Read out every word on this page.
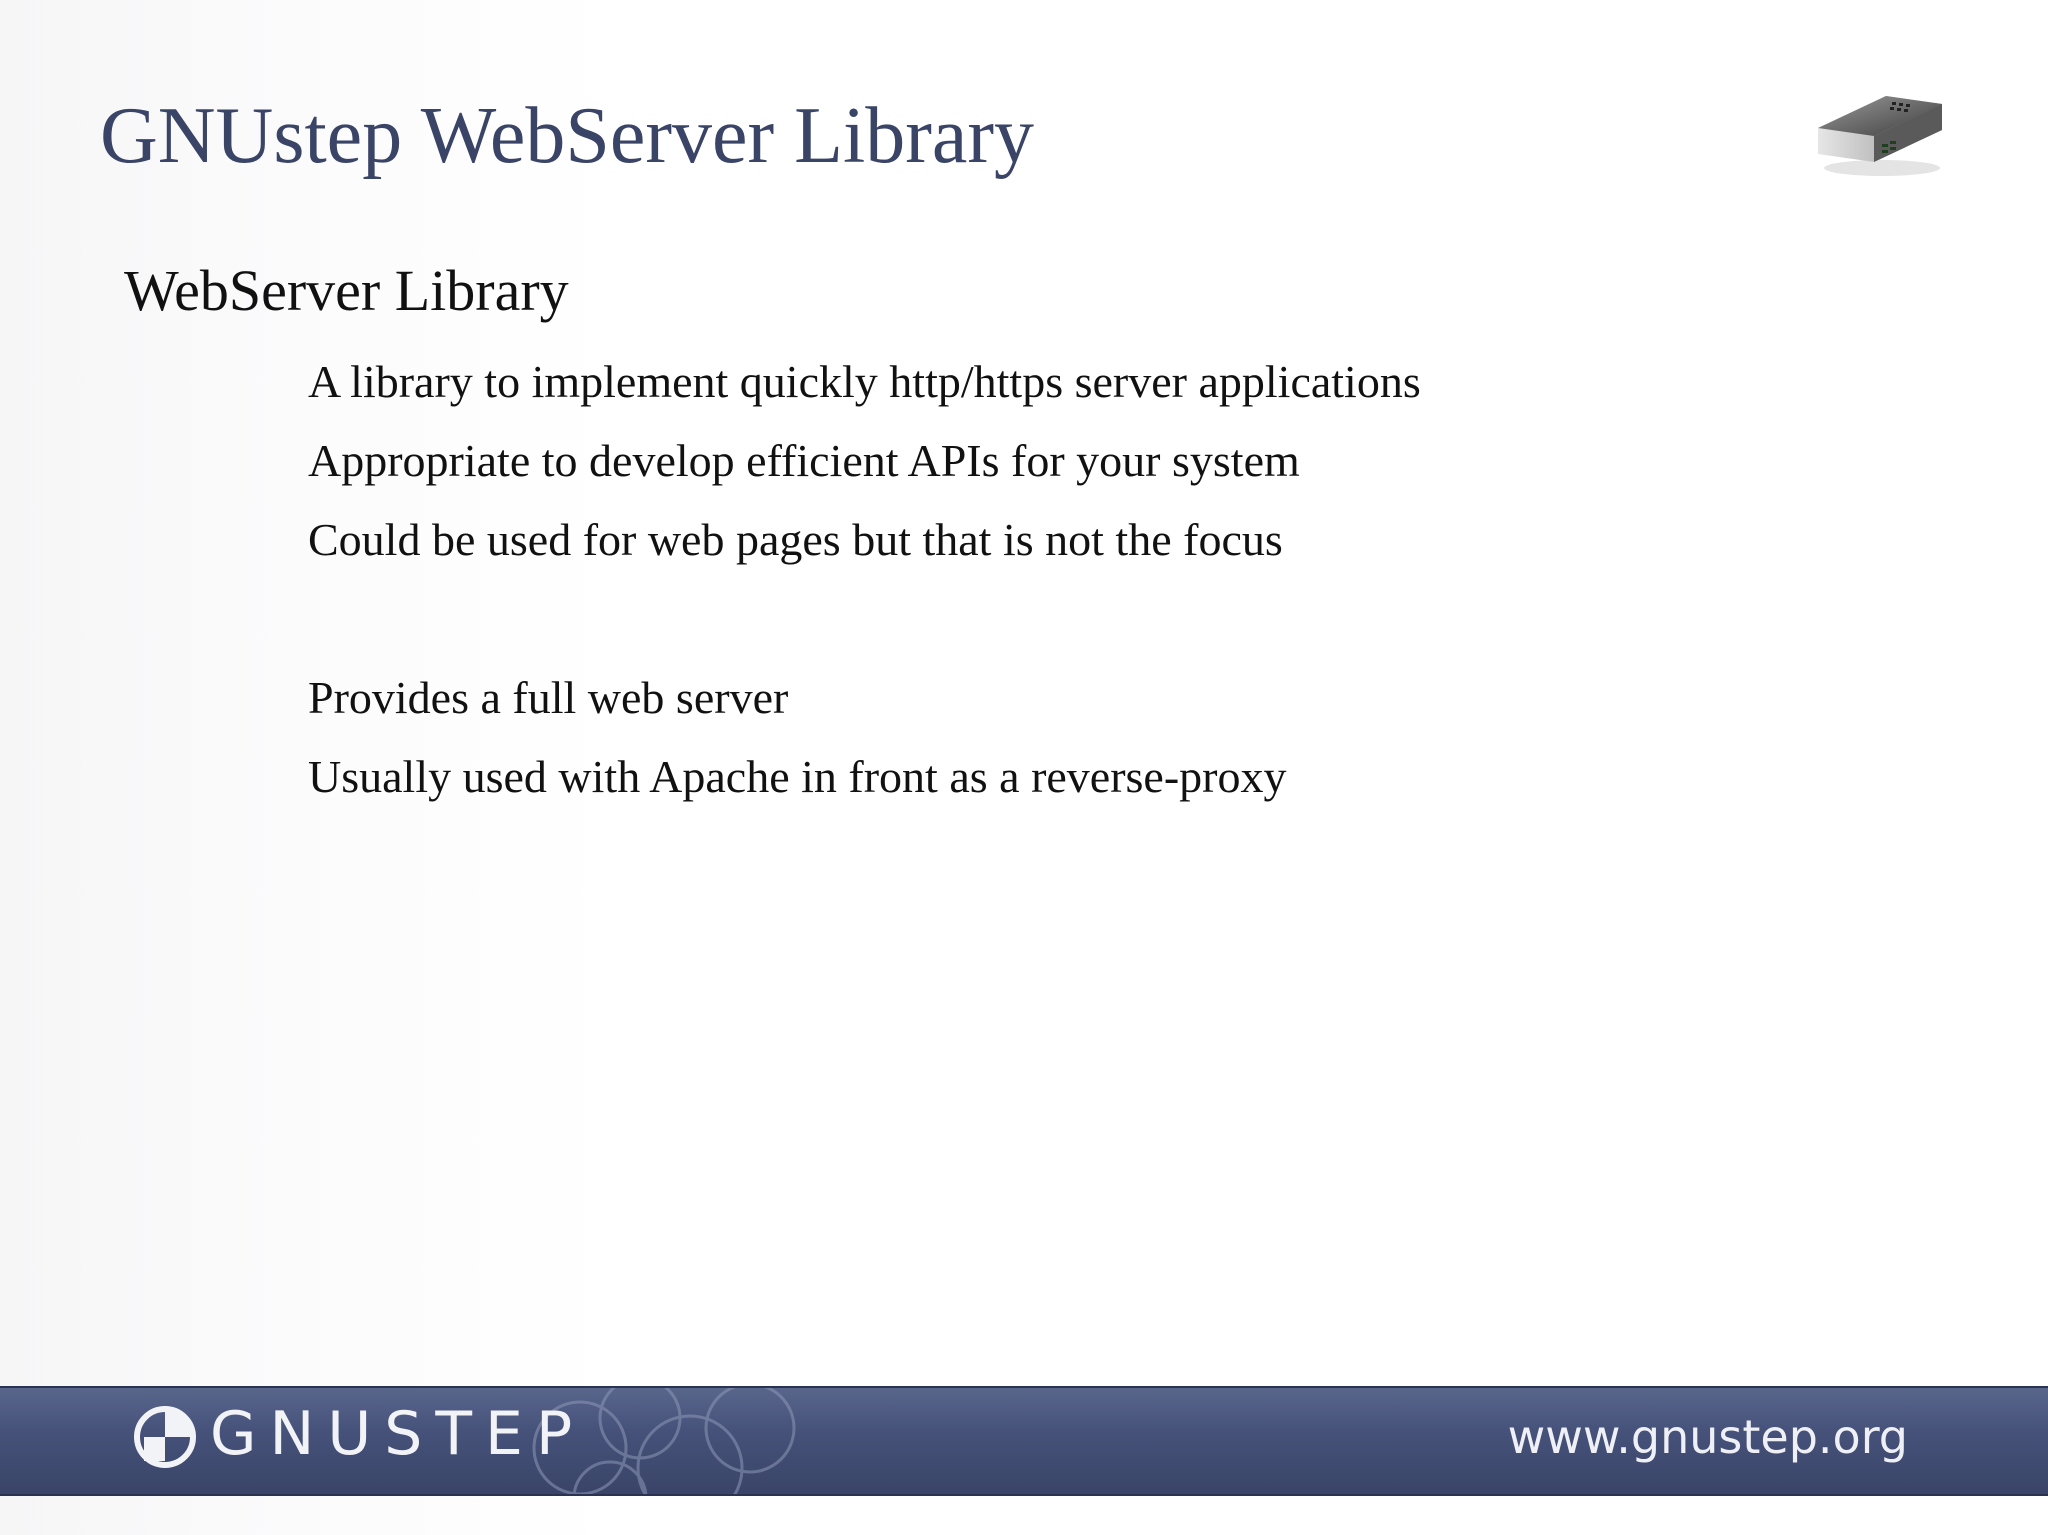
GNUstep WebServer Library
WebServer Library
A library to implement quickly http/https server applications
Appropriate to develop efficient APIs for your system
Could be used for web pages but that is not the focus
Provides a full web server
Usually used with Apache in front as a reverse-proxy
GNUSTEP	www.gnustep.org
